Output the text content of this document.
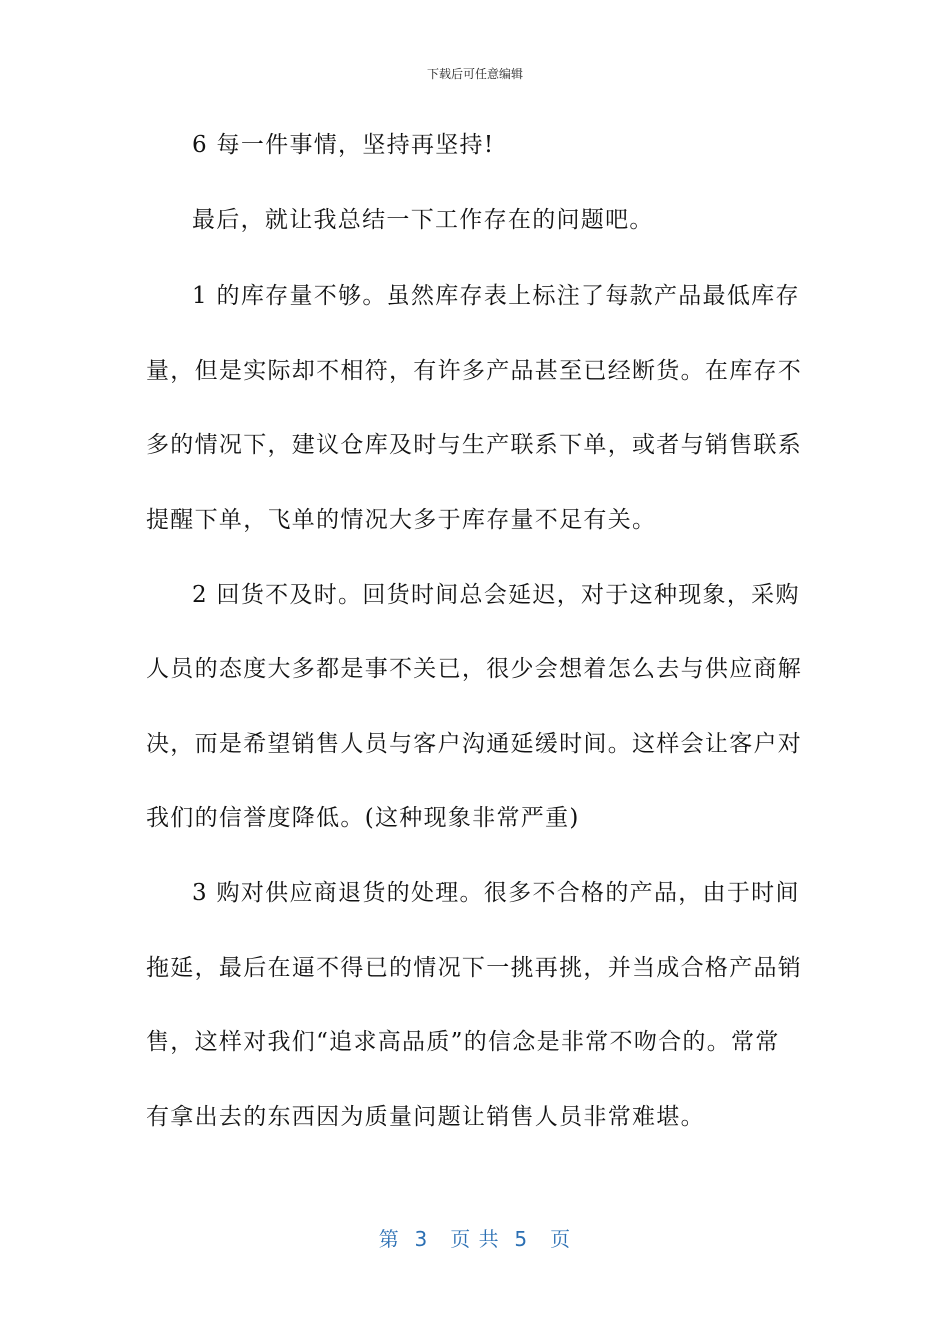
下载后可任意编辑
6 每一件事情，坚持再坚持!
最后，就让我总结一下工作存在的问题吧。
1 的库存量不够。虽然库存表上标注了每款产品最低库存
量，但是实际却不相符，有许多产品甚至已经断货。在库存不
多的情况下，建议仓库及时与生产联系下单，或者与销售联系
提醒下单，飞单的情况大多于库存量不足有关。
2 回货不及时。回货时间总会延迟，对于这种现象，采购
人员的态度大多都是事不关已，很少会想着怎么去与供应商解
决，而是希望销售人员与客户沟通延缓时间。这样会让客户对
我们的信誉度降低。(这种现象非常严重)
3 购对供应商退货的处理。很多不合格的产品，由于时间
拖延，最后在逼不得已的情况下一挑再挑，并当成合格产品销
售，这样对我们“追求高品质”的信念是非常不吻合的。常常
有拿出去的东西因为质量问题让销售人员非常难堪。
第  3   页 共  5   页
